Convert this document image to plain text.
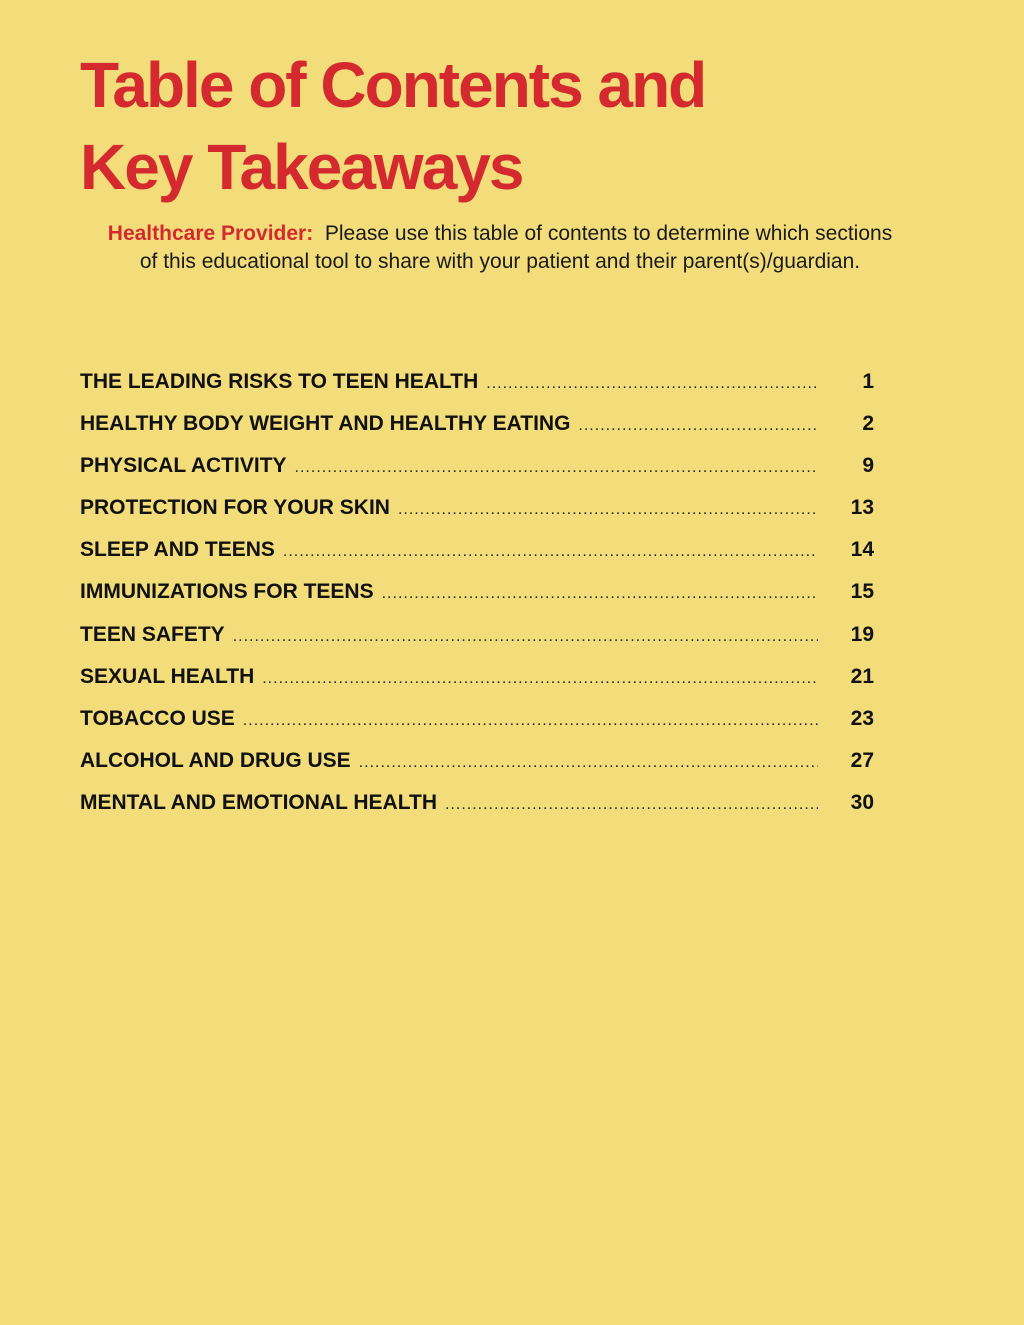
Table of Contents and
Key Takeaways

Healthcare Provider: Please use this table of contents to determine which sections of this educational tool to share with your patient and their parent(s)/guardian.

THE LEADING RISKS TO TEEN HEALTH .....	1
HEALTHY BODY WEIGHT AND HEALTHY EATING .....	2
PHYSICAL ACTIVITY .....	9
PROTECTION FOR YOUR SKIN .....	13
SLEEP AND TEENS .....	14
IMMUNIZATIONS FOR TEENS .....	15
TEEN SAFETY .....	19
SEXUAL HEALTH .....	21
TOBACCO USE .....	23
ALCOHOL AND DRUG USE .....	27
MENTAL AND EMOTIONAL HEALTH .....	30
